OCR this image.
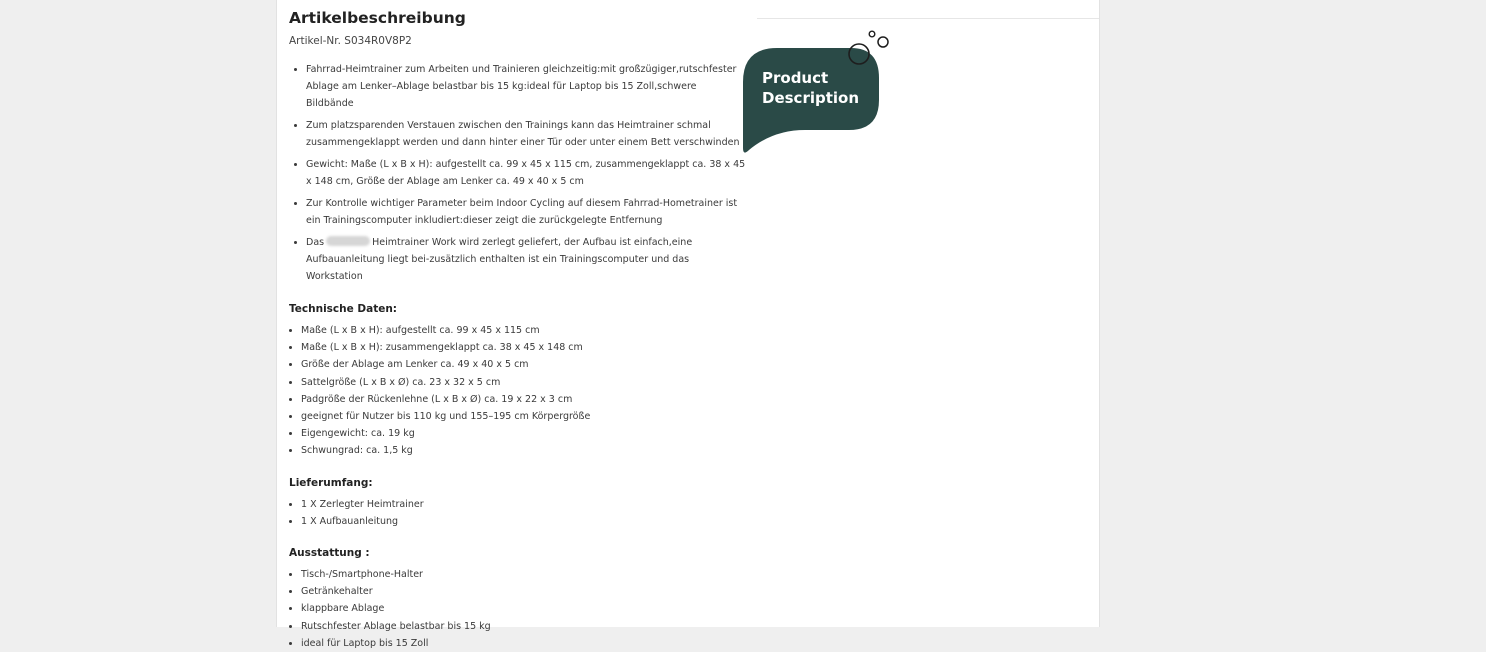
Artikelbeschreibung
Artikel-Nr. S034R0V8P2
• Fahrrad-Heimtrainer zum Arbeiten und Trainieren gleichzeitig:mit großzügiger,rutschfester Ablage am Lenker–Ablage belastbar bis 15 kg:ideal für Laptop bis 15 Zoll,schwere Bildbände
• Zum platzsparenden Verstauen zwischen den Trainings kann das Heimtrainer schmal zusammengeklappt werden und dann hinter einer Tür oder unter einem Bett verschwinden
• Gewicht: Maße (L x B x H): aufgestellt ca. 99 x 45 x 115 cm, zusammengeklappt ca. 38 x 45 x 148 cm, Größe der Ablage am Lenker ca. 49 x 40 x 5 cm
• Zur Kontrolle wichtiger Parameter beim Indoor Cycling auf diesem Fahrrad-Hometrainer ist ein Trainingscomputer inkludiert:dieser zeigt die zurückgelegte Entfernung
• Das	Heimtrainer Work wird zerlegt geliefert, der Aufbau ist einfach,eine Aufbauanleitung liegt bei-zusätzlich enthalten ist ein Trainingscomputer und das Workstation
Technische Daten:
• Maße (L x B x H): aufgestellt ca. 99 x 45 x 115 cm
• Maße (L x B x H): zusammengeklappt ca. 38 x 45 x 148 cm
• Größe der Ablage am Lenker ca. 49 x 40 x 5 cm
• Sattelgröße (L x B x Ø) ca. 23 x 32 x 5 cm
• Padgröße der Rückenlehne (L x B x Ø) ca. 19 x 22 x 3 cm
• geeignet für Nutzer bis 110 kg und 155–195 cm Körpergröße
• Eigengewicht: ca. 19 kg
• Schwungrad: ca. 1,5 kg
Lieferumfang:
• 1 X Zerlegter Heimtrainer
• 1 X Aufbauanleitung
Ausstattung :
• Tisch-/Smartphone-Halter
• Getränkehalter
• klappbare Ablage
• Rutschfester Ablage belastbar bis 15 kg
• ideal für Laptop bis 15 Zoll
Product
Description
